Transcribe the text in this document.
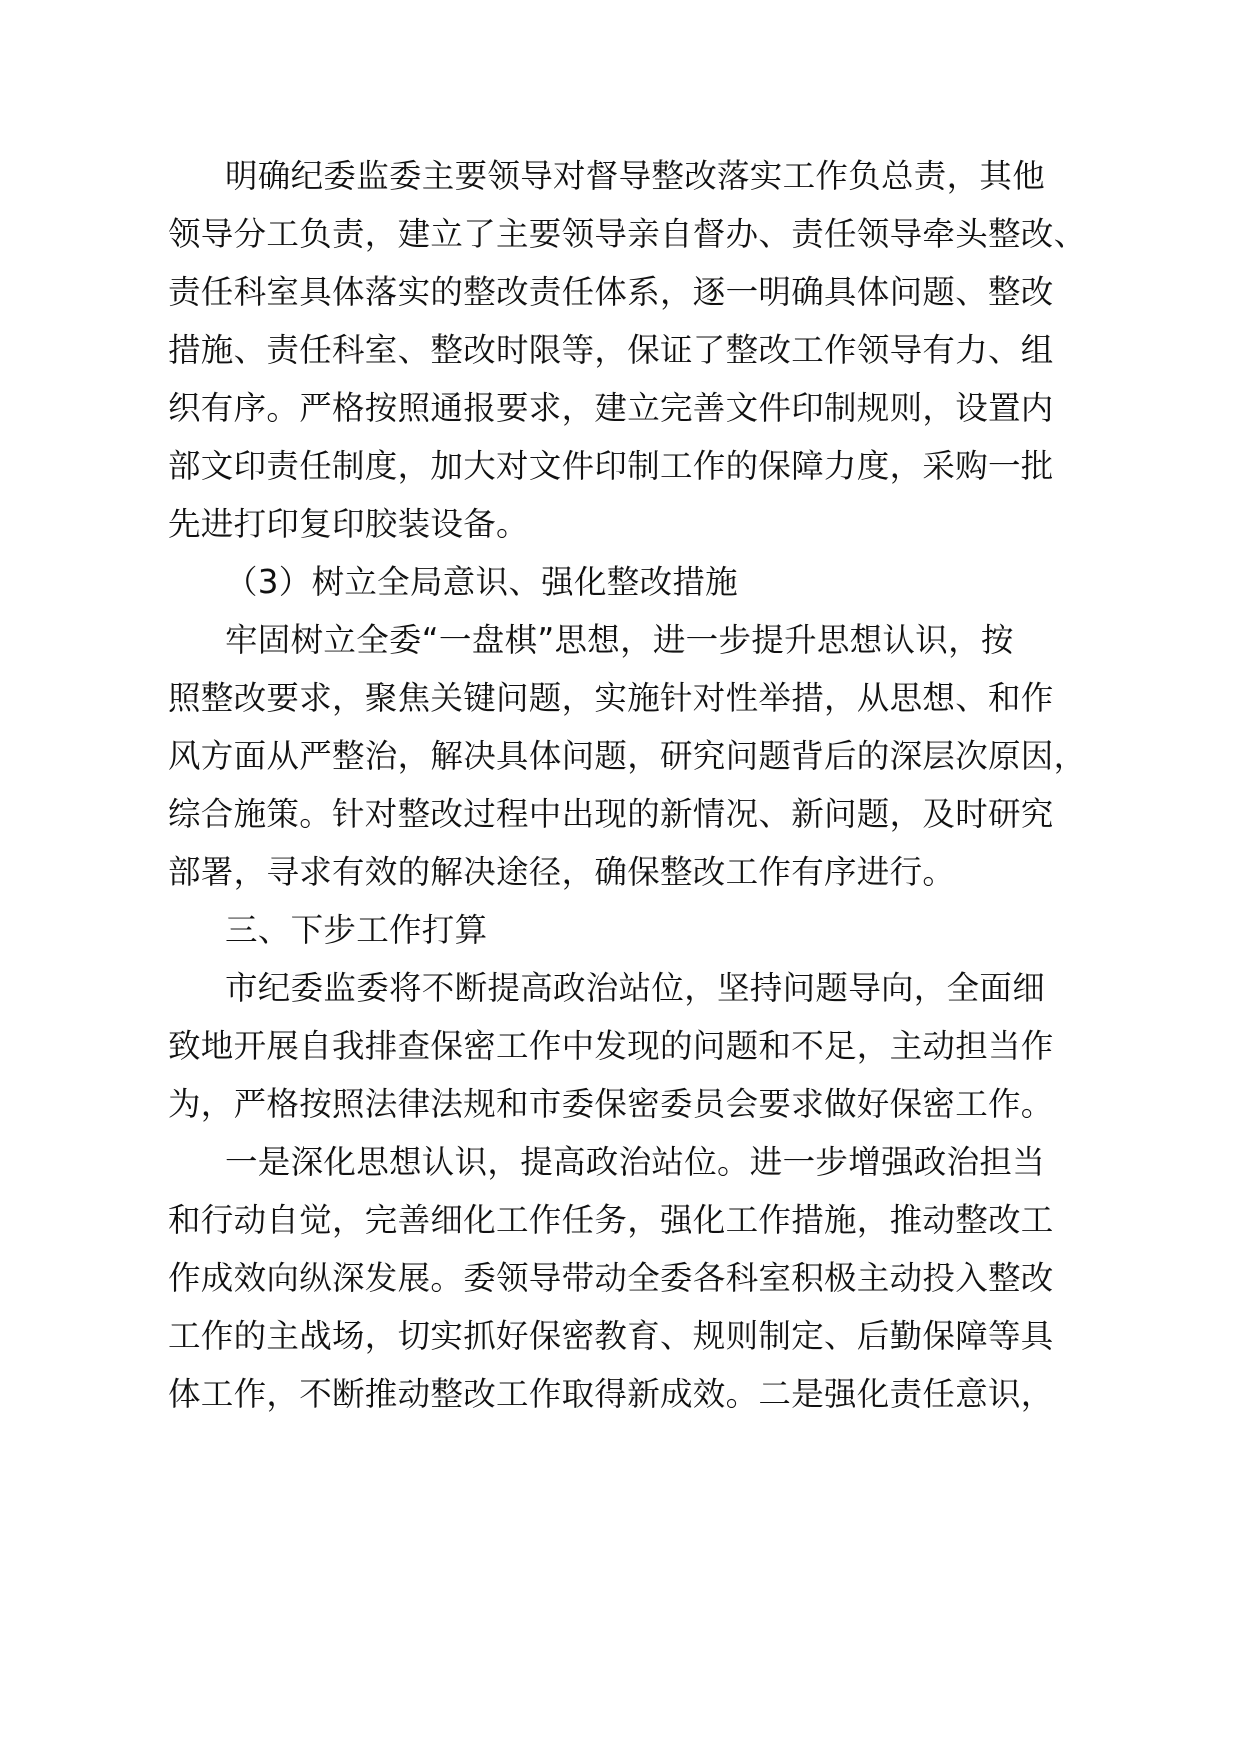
明确纪委监委主要领导对督导整改落实工作负总责，其他
领导分工负责，建立了主要领导亲自督办、责任领导牵头整改、
责任科室具体落实的整改责任体系，逐一明确具体问题、整改
措施、责任科室、整改时限等，保证了整改工作领导有力、组
织有序。严格按照通报要求，建立完善文件印制规则，设置内
部文印责任制度，加大对文件印制工作的保障力度，采购一批
先进打印复印胶装设备。
（3）树立全局意识、强化整改措施
牢固树立全委“一盘棋”思想，进一步提升思想认识，按
照整改要求，聚焦关键问题，实施针对性举措，从思想、和作
风方面从严整治，解决具体问题，研究问题背后的深层次原因，
综合施策。针对整改过程中出现的新情况、新问题，及时研究
部署，寻求有效的解决途径，确保整改工作有序进行。
三、下步工作打算
市纪委监委将不断提高政治站位，坚持问题导向，全面细
致地开展自我排查保密工作中发现的问题和不足，主动担当作
为，严格按照法律法规和市委保密委员会要求做好保密工作。
一是深化思想认识，提高政治站位。进一步增强政治担当
和行动自觉，完善细化工作任务，强化工作措施，推动整改工
作成效向纵深发展。委领导带动全委各科室积极主动投入整改
工作的主战场，切实抓好保密教育、规则制定、后勤保障等具
体工作，不断推动整改工作取得新成效。二是强化责任意识，
